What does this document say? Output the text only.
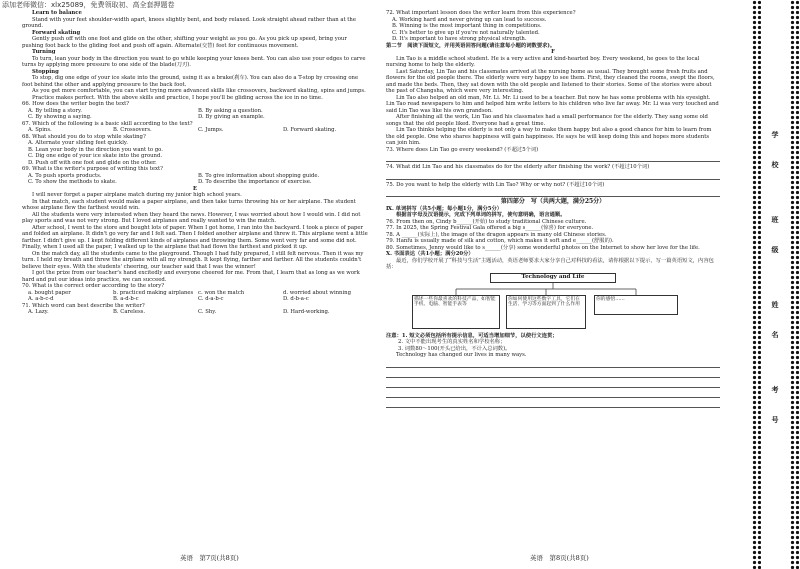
添加老师微信：xlx25089，免费领取初、高全套押题卷

Learn to balance

Stand with your feet shoulder-width apart, knees slightly bent, and body relaxed. Look straight ahead rather than at the ground.

Forward skating

Gently push off with one foot and glide on the other, shifting your weight as you go. As you pick up speed, bring your pushing foot back to the gliding foot and push off again. Alternate(交替) feet for continuous movement.

Turning

To turn, lean your body in the direction you want to go while keeping your knees bent. You can also use your edges to carve turns by applying more pressure to one side of the blade(刀刃).

Stopping

To stop, dig one edge of your ice skate into the ground, using it as a brake(刹车). You can also do a T-stop by crossing one foot behind the other and applying pressure to the back foot.

As you get more comfortable, you can start trying more advanced skills like crossovers, backward skating, spins and jumps.

Practice makes perfect. With the above skills and practice, I hope you'll be gliding across the ice in no time.

66. How does the writer begin the text?

A. By telling a story.	B. By asking a question.
C. By showing a saying.	D. By giving an example.

67. Which of the following is a basic skill according to the text?

A. Spins.	B. Crossovers.	C. Jumps.	D. Forward skating.

68. What should you do to stop while skating?

A. Alternate your sliding feet quickly.

B. Lean your body in the direction you want to go.

C. Dig one edge of your ice skate into the ground.

D. Push off with one foot and glide on the other.

69. What is the writer's purpose of writing this text?

A. To push sports products.	B. To give information about shopping guide.
C. To show the methods to skate.	D. To describe the importance of exercise.

E

I will never forget a paper airplane match during my junior high school years.

In that match, each student would make a paper airplane, and then take turns throwing his or her airplane. The student whose airplane flew the farthest would win.

All the students were very interested when they heard the news. However, I was worried about how I would win. I did not play sports and was not very strong. But I loved airplanes and really wanted to win the match.

After school, I went to the store and bought lots of paper. When I got home, I ran into the backyard. I took a piece of paper and folded an airplane. It didn't go very far and I felt sad. Then I folded another airplane and threw it. This airplane went a little farther. I didn't give up. I kept folding different kinds of airplanes and throwing them. Some went very far and some did not. Finally, when I used all the paper, I walked up to the airplane that had flown the farthest and picked it up.

On the match day, all the students came to the playground. Though I had fully prepared, I still felt nervous. Then it was my turn. I held my breath and threw the airplane with all my strength. It kept flying, farther and farther. All the students couldn't believe their eyes. With the students' cheering, our teacher said that I was the winner!

I got the prize from our teacher's hand excitedly and everyone cheered for me. From that, I learn that as long as we work hard and put our ideas into practice, we can succeed.

70. What is the correct order according to the story?

a. bought paper	b. practiced making airplanes c. won the match	d. worried about winning
A. a-b-c-d	B. a-d-b-c	C. d-a-b-c	D. d-b-a-c

71. Which word can best describe the writer?

A. Lazy.	B. Careless.	C. Shy.	D. Hard-working.

72. What important lesson does the writer learn from this experience?

A. Working hard and never giving up can lead to success.

B. Winning is the most important thing in competitions.

C. It's better to give up if you're not naturally talented.

D. It's important to have strong physical strength.

第二节　阅读下面短文，并用英语回答问题(请注意每小题的词数要求)。

F

Lin Tao is a middle school student. He is a very active and kind-hearted boy. Every weekend, he goes to the local nursing home to help the elderly.

Last Saturday, Lin Tao and his classmates arrived at the nursing home as usual. They brought some fresh fruits and flowers for the old people there. The elderly were very happy to see them. First, they cleaned the rooms, swept the floors, and made the beds. Then, they sat down with the old people and listened to their stories. Some of the stories were about the past of Changsha, which were very interesting.

Lin Tao also helped an old man, Mr. Li. Mr. Li used to be a teacher. But now he has some problems with his eyesight. Lin Tao read newspapers to him and helped him write letters to his children who live far away. Mr. Li was very touched and said Lin Tao was like his own grandson.

After finishing all the work, Lin Tao and his classmates had a small performance for the elderly. They sang some old songs that the old people liked. Everyone had a great time.

Lin Tao thinks helping the elderly is not only a way to make them happy but also a good chance for him to learn from the old people. One who shares happiness will gain happiness. He says he will keep doing this and hopes more students can join him.

73. Where does Lin Tao go every weekend? (不超过5个词)

74. What did Lin Tao and his classmates do for the elderly after finishing the work? (不超过10个词)

75. Do you want to help the elderly with Lin Tao? Why or why not? (不超过10个词)

第四部分　写（共两大题，满分25分）

Ⅸ. 单词拼写（共5小题；每小题1分，满分5分）

根据首字母及汉语提示，完成下列单词的拼写，使句意明确，语言通顺。

76. From then on, Cindy b______(开始) to study traditional Chinese culture.

77. In 2025, the Spring Festival Gala offered a big s______(惊喜) for everyone.

78. A ______(实际上), the image of the dragon appears in many old Chinese stories.

79. Hanfu is usually made of silk and cotton, which makes it soft and e______(舒服的).

80. Sometimes, Jenny would like to s______(分享) some wonderful photos on the Internet to show her love for the life.

Ⅹ. 书面表达（共1小题；满分20分）

最近，你们学校开展了“科技与生活”主题活动，英语老师要求大家分享自己对科技的看法，请你根据以下提示，写一篇英语短文，内容包括：

Technology and Life
描述一些你最喜欢的科技产品，如智能手机、电脑、智能手表等
你如何使用这些数字工具，它们在生活、学习等方面起到了什么作用
你的感悟……

注意：1. 短文必须包括所有提示信息，可适当增加细节，以使行文连贯；

2. 文中不能出现考生的真实姓名和学校名称；

3. 词数80～100(开头已给出，不计入总词数)。

Technology has changed our lives in many ways.

英语　第7页(共8页)	英语　第8页(共8页)
学
校
班
级
姓
名
考
号
